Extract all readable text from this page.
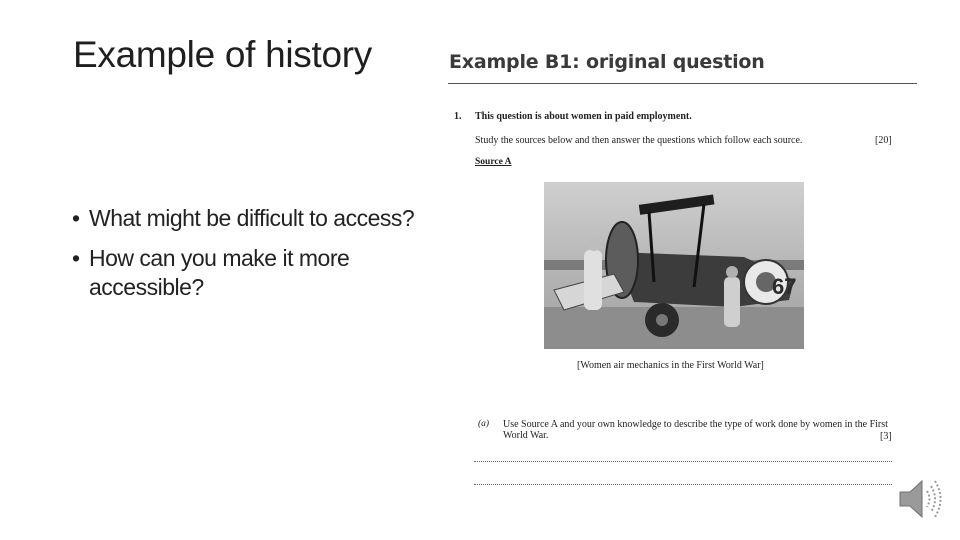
Example of history
• What might be difficult to access?
• How can you make it more accessible?
Example B1: original question
1. This question is about women in paid employment.
Study the sources below and then answer the questions which follow each source.	[20]
Source A
67
[Women air mechanics in the First World War]
(a) Use Source A and your own knowledge to describe the type of work done by women in the First World War.	[3]
